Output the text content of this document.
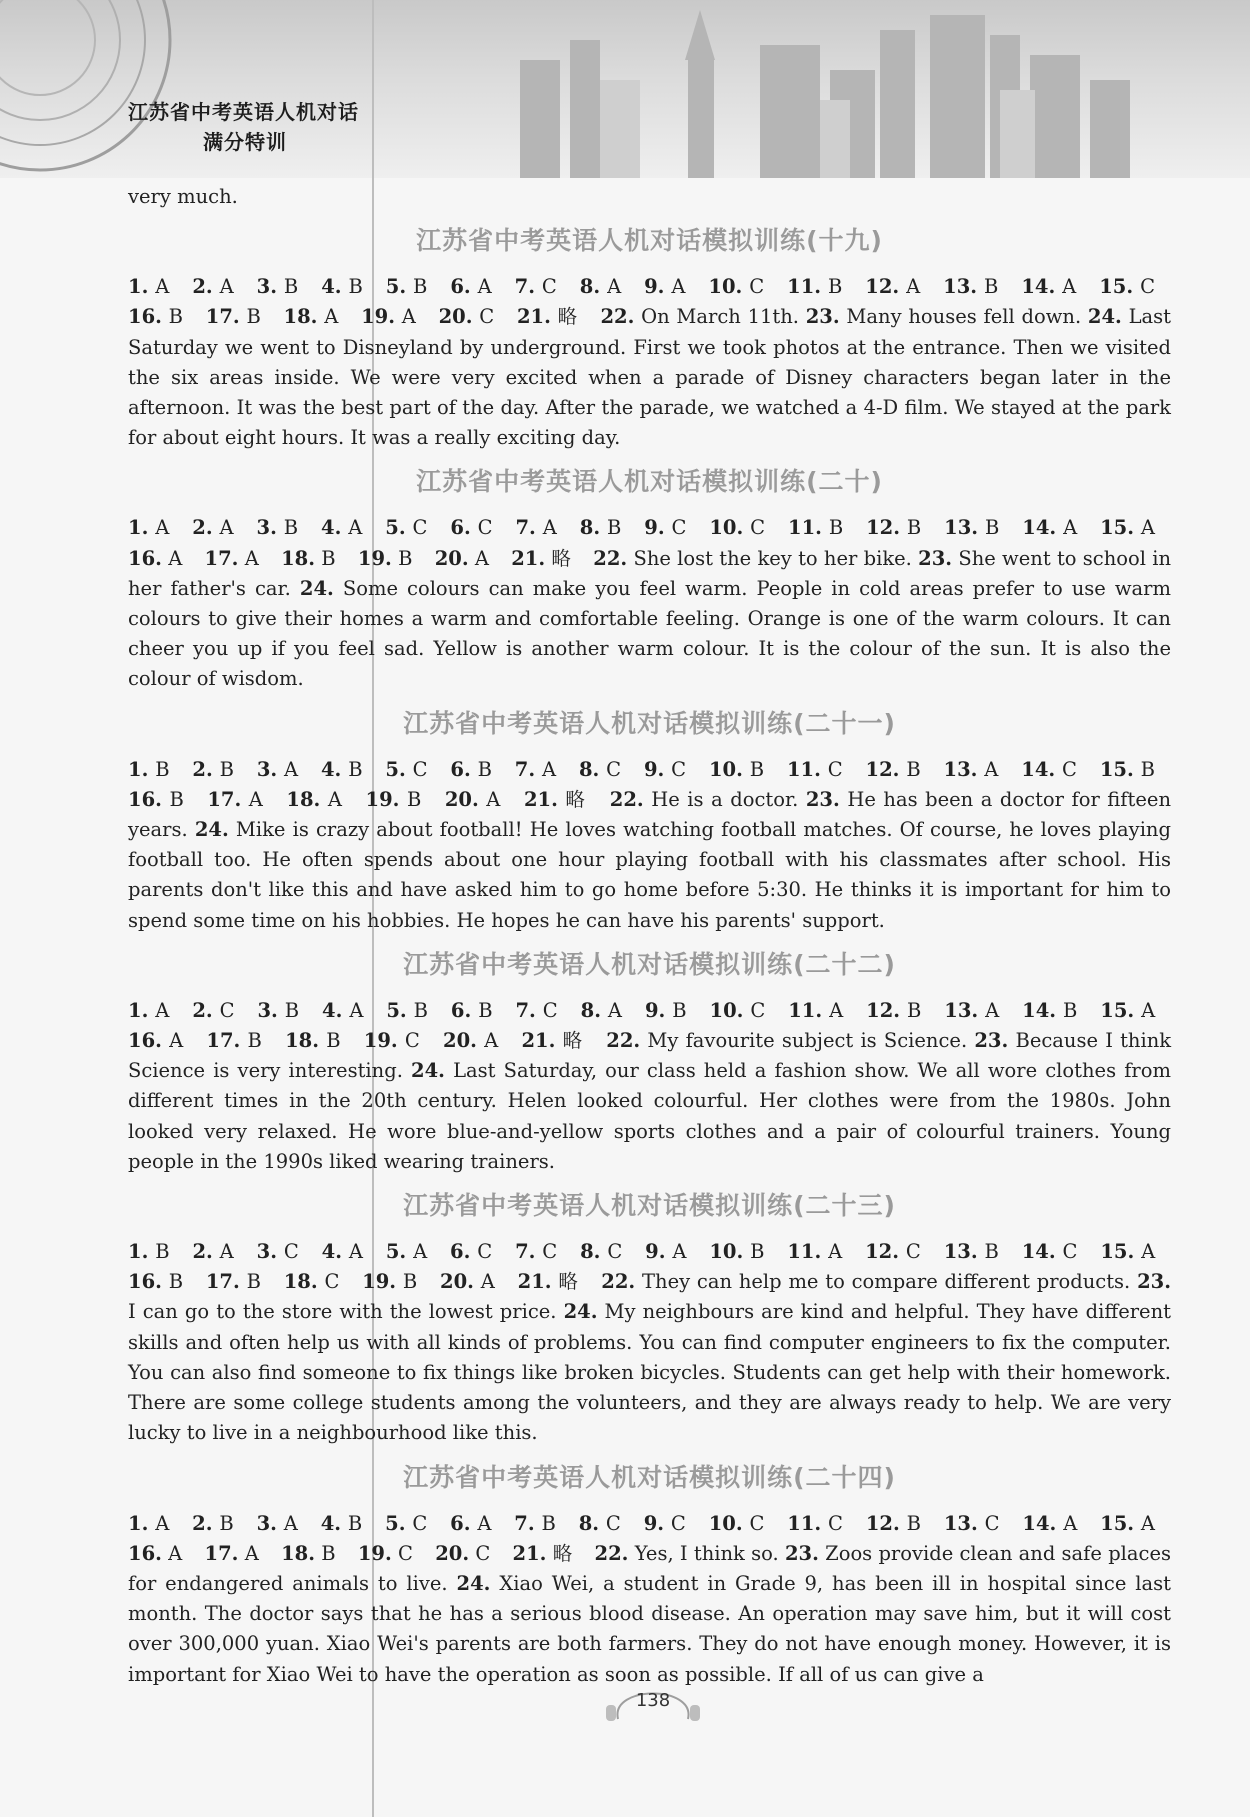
江苏省中考英语人机对话
满分特训

very much.

江苏省中考英语人机对话模拟训练(十九)

1. A 2. A 3. B 4. B 5. B 6. A 7. C 8. A 9. A 10. C 11. B 12. A 13. B 14. A 15. C 16. B 17. B 18. A 19. A 20. C 21. 略 22. On March 11th. 23. Many houses fell down. 24. Last Saturday we went to Disneyland by underground. First we took photos at the entrance. Then we visited the six areas inside. We were very excited when a parade of Disney characters began later in the afternoon. It was the best part of the day. After the parade, we watched a 4-D film. We stayed at the park for about eight hours. It was a really exciting day.

江苏省中考英语人机对话模拟训练(二十)

1. A 2. A 3. B 4. A 5. C 6. C 7. A 8. B 9. C 10. C 11. B 12. B 13. B 14. A 15. A 16. A 17. A 18. B 19. B 20. A 21. 略 22. She lost the key to her bike. 23. She went to school in her father's car. 24. Some colours can make you feel warm. People in cold areas prefer to use warm colours to give their homes a warm and comfortable feeling. Orange is one of the warm colours. It can cheer you up if you feel sad. Yellow is another warm colour. It is the colour of the sun. It is also the colour of wisdom.

江苏省中考英语人机对话模拟训练(二十一)

1. B 2. B 3. A 4. B 5. C 6. B 7. A 8. C 9. C 10. B 11. C 12. B 13. A 14. C 15. B 16. B 17. A 18. A 19. B 20. A 21. 略 22. He is a doctor. 23. He has been a doctor for fifteen years. 24. Mike is crazy about football! He loves watching football matches. Of course, he loves playing football too. He often spends about one hour playing football with his classmates after school. His parents don't like this and have asked him to go home before 5:30. He thinks it is important for him to spend some time on his hobbies. He hopes he can have his parents' support.

江苏省中考英语人机对话模拟训练(二十二)

1. A 2. C 3. B 4. A 5. B 6. B 7. C 8. A 9. B 10. C 11. A 12. B 13. A 14. B 15. A 16. A 17. B 18. B 19. C 20. A 21. 略 22. My favourite subject is Science. 23. Because I think Science is very interesting. 24. Last Saturday, our class held a fashion show. We all wore clothes from different times in the 20th century. Helen looked colourful. Her clothes were from the 1980s. John looked very relaxed. He wore blue-and-yellow sports clothes and a pair of colourful trainers. Young people in the 1990s liked wearing trainers.

江苏省中考英语人机对话模拟训练(二十三)

1. B 2. A 3. C 4. A 5. A 6. C 7. C 8. C 9. A 10. B 11. A 12. C 13. B 14. C 15. A 16. B 17. B 18. C 19. B 20. A 21. 略 22. They can help me to compare different products. 23. I can go to the store with the lowest price. 24. My neighbours are kind and helpful. They have different skills and often help us with all kinds of problems. You can find computer engineers to fix the computer. You can also find someone to fix things like broken bicycles. Students can get help with their homework. There are some college students among the volunteers, and they are always ready to help. We are very lucky to live in a neighbourhood like this.

江苏省中考英语人机对话模拟训练(二十四)

1. A 2. B 3. A 4. B 5. C 6. A 7. B 8. C 9. C 10. C 11. C 12. B 13. C 14. A 15. A 16. A 17. A 18. B 19. C 20. C 21. 略 22. Yes, I think so. 23. Zoos provide clean and safe places for endangered animals to live. 24. Xiao Wei, a student in Grade 9, has been ill in hospital since last month. The doctor says that he has a serious blood disease. An operation may save him, but it will cost over 300,000 yuan. Xiao Wei's parents are both farmers. They do not have enough money. However, it is important for Xiao Wei to have the operation as soon as possible. If all of us can give a

138
